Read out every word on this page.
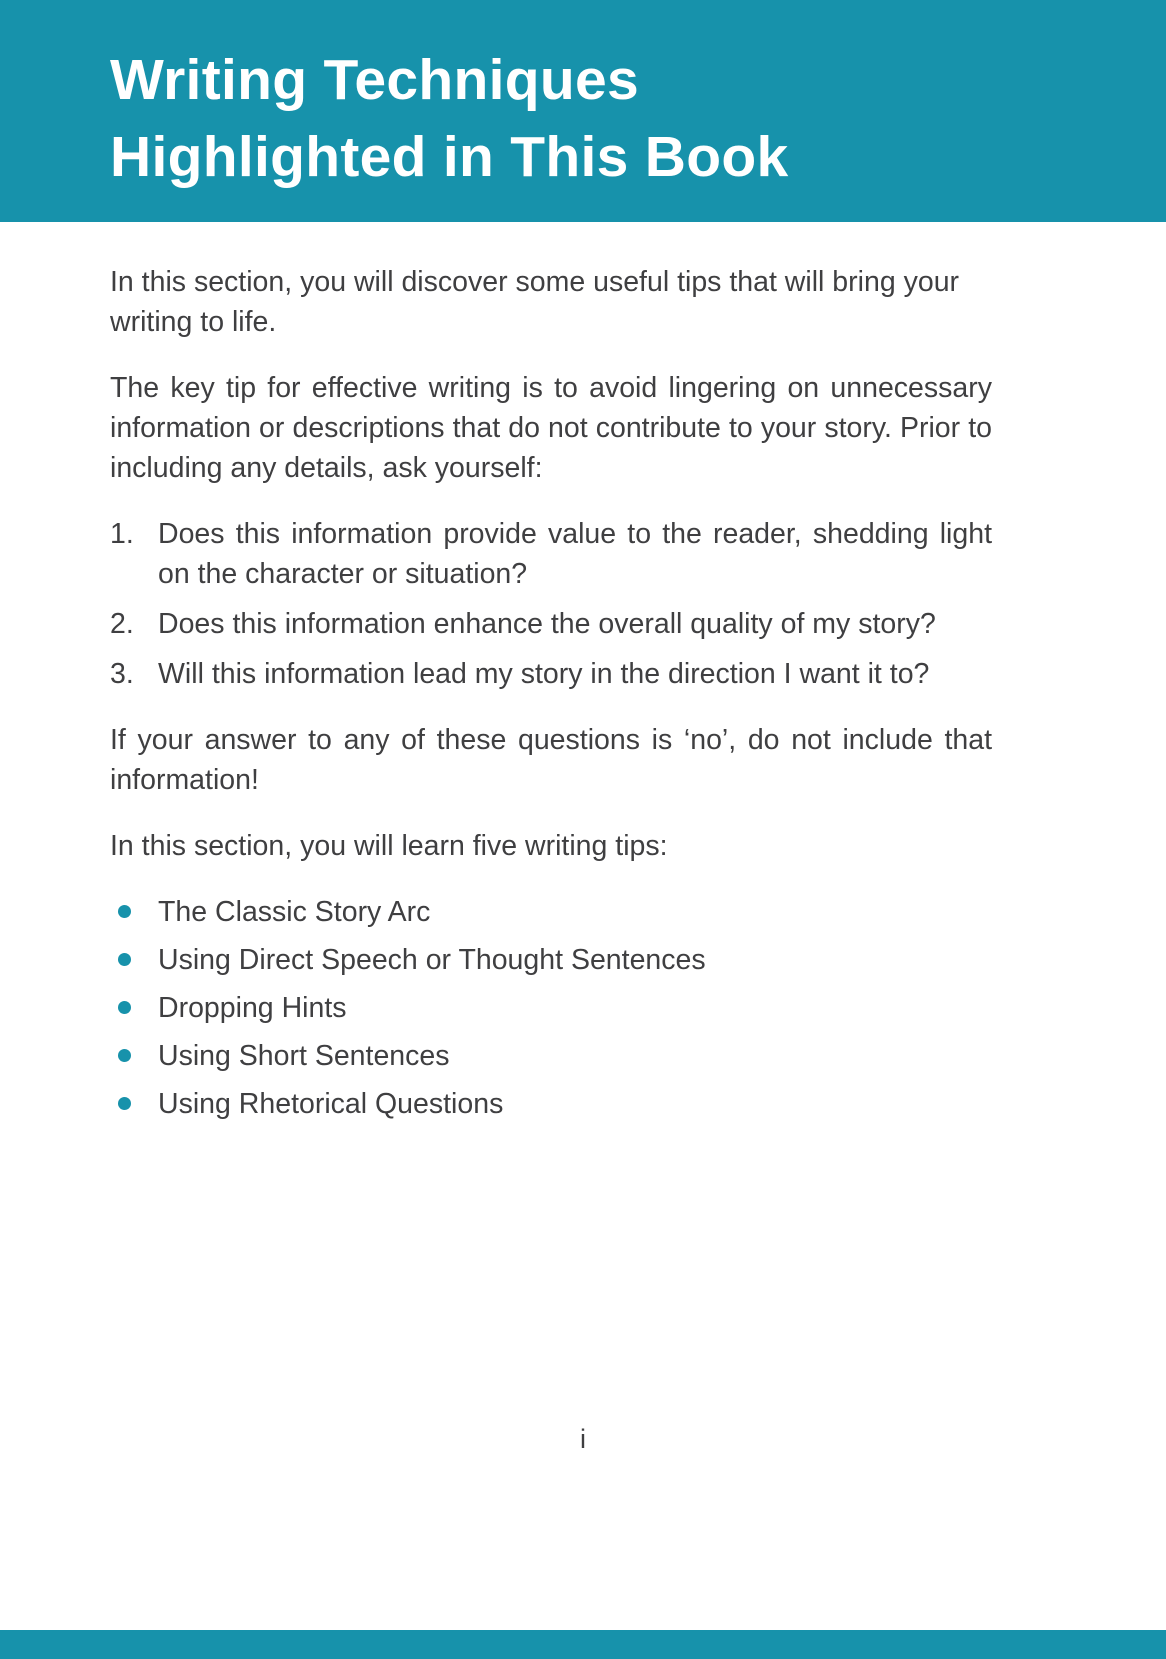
Writing Techniques
Highlighted in This Book

In this section, you will discover some useful tips that will bring your writing to life.

The key tip for effective writing is to avoid lingering on unnecessary information or descriptions that do not contribute to your story. Prior to including any details, ask yourself:

1. Does this information provide value to the reader, shedding light on the character or situation?
2. Does this information enhance the overall quality of my story?
3. Will this information lead my story in the direction I want it to?

If your answer to any of these questions is ‘no’, do not include that information!

In this section, you will learn five writing tips:

The Classic Story Arc
Using Direct Speech or Thought Sentences
Dropping Hints
Using Short Sentences
Using Rhetorical Questions
i
